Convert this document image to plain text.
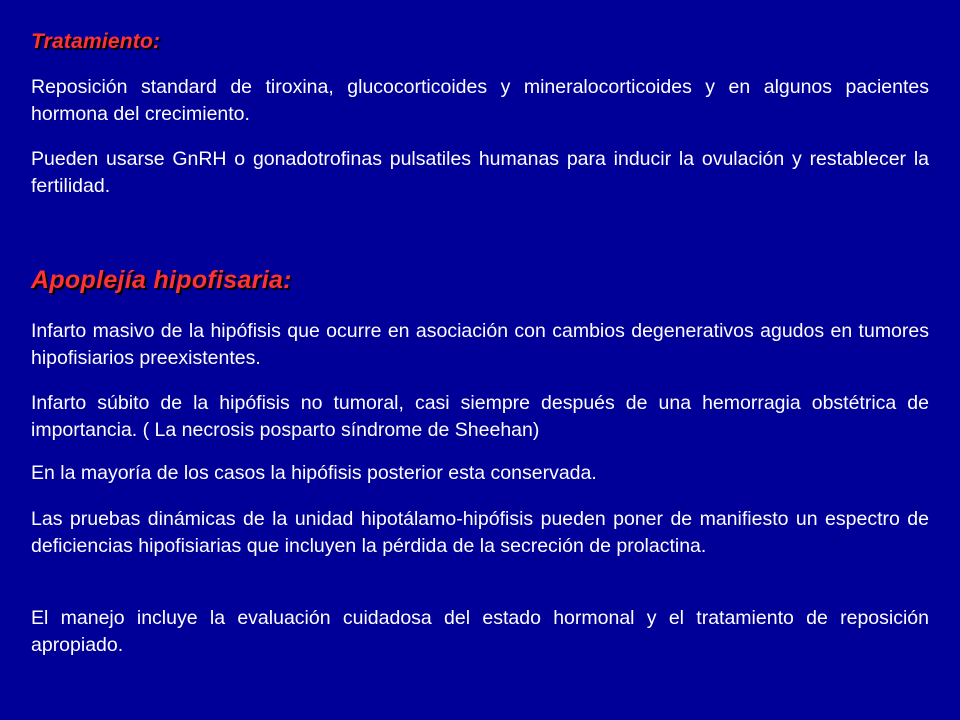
Tratamiento:

Reposición standard de tiroxina, glucocorticoides y mineralocorticoides y en algunos pacientes hormona del crecimiento.

Pueden usarse GnRH o gonadotrofinas pulsatiles humanas para inducir la ovulación y restablecer la fertilidad.

Apoplejía hipofisaria:

Infarto masivo de la hipófisis que ocurre en asociación con cambios degenerativos agudos en tumores hipofisiarios preexistentes.

Infarto súbito de la hipófisis no tumoral, casi siempre después de una hemorragia obstétrica de importancia. ( La necrosis posparto síndrome de Sheehan)

En la mayoría de los casos la hipófisis posterior esta conservada.

Las pruebas dinámicas de la unidad hipotálamo-hipófisis pueden poner de manifiesto un espectro de deficiencias hipofisiarias que incluyen la pérdida de la secreción de prolactina.

El manejo incluye la evaluación cuidadosa del estado hormonal y el tratamiento de reposición apropiado.
